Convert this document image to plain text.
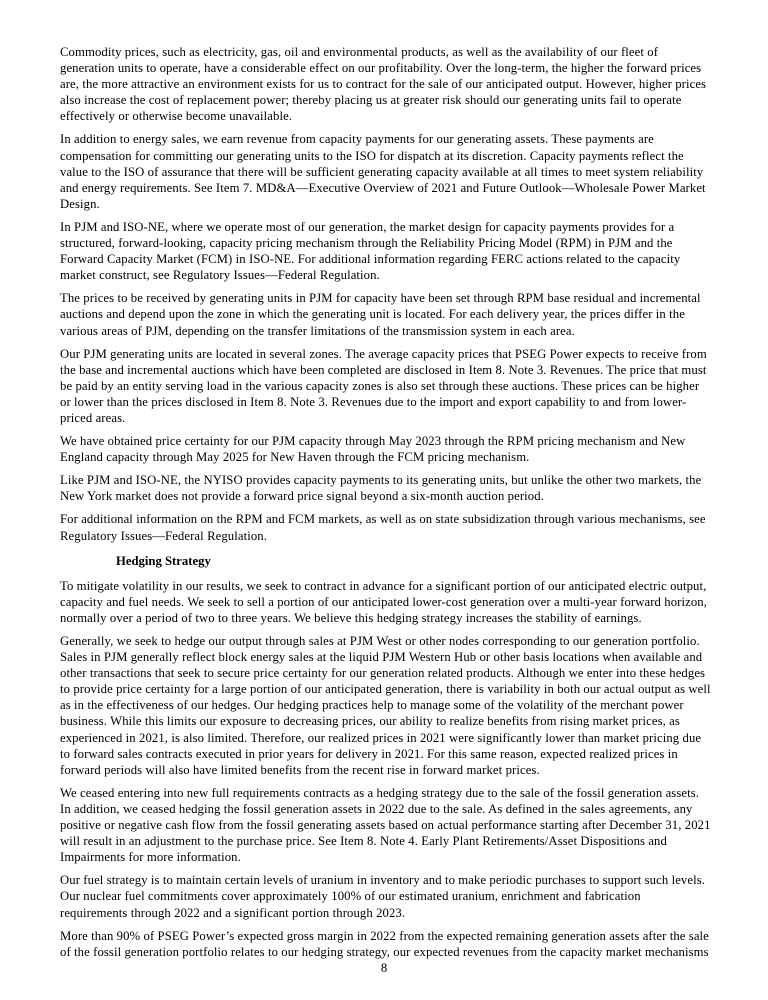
Commodity prices, such as electricity, gas, oil and environmental products, as well as the availability of our fleet of generation units to operate, have a considerable effect on our profitability. Over the long-term, the higher the forward prices are, the more attractive an environment exists for us to contract for the sale of our anticipated output. However, higher prices also increase the cost of replacement power; thereby placing us at greater risk should our generating units fail to operate effectively or otherwise become unavailable.

In addition to energy sales, we earn revenue from capacity payments for our generating assets. These payments are compensation for committing our generating units to the ISO for dispatch at its discretion. Capacity payments reflect the value to the ISO of assurance that there will be sufficient generating capacity available at all times to meet system reliability and energy requirements. See Item 7. MD&A—Executive Overview of 2021 and Future Outlook—Wholesale Power Market Design.

In PJM and ISO-NE, where we operate most of our generation, the market design for capacity payments provides for a structured, forward-looking, capacity pricing mechanism through the Reliability Pricing Model (RPM) in PJM and the Forward Capacity Market (FCM) in ISO-NE. For additional information regarding FERC actions related to the capacity market construct, see Regulatory Issues—Federal Regulation.

The prices to be received by generating units in PJM for capacity have been set through RPM base residual and incremental auctions and depend upon the zone in which the generating unit is located. For each delivery year, the prices differ in the various areas of PJM, depending on the transfer limitations of the transmission system in each area.

Our PJM generating units are located in several zones. The average capacity prices that PSEG Power expects to receive from the base and incremental auctions which have been completed are disclosed in Item 8. Note 3. Revenues. The price that must be paid by an entity serving load in the various capacity zones is also set through these auctions. These prices can be higher or lower than the prices disclosed in Item 8. Note 3. Revenues due to the import and export capability to and from lower-priced areas.

We have obtained price certainty for our PJM capacity through May 2023 through the RPM pricing mechanism and New England capacity through May 2025 for New Haven through the FCM pricing mechanism.

Like PJM and ISO-NE, the NYISO provides capacity payments to its generating units, but unlike the other two markets, the New York market does not provide a forward price signal beyond a six-month auction period.

For additional information on the RPM and FCM markets, as well as on state subsidization through various mechanisms, see Regulatory Issues—Federal Regulation.

Hedging Strategy

To mitigate volatility in our results, we seek to contract in advance for a significant portion of our anticipated electric output, capacity and fuel needs. We seek to sell a portion of our anticipated lower-cost generation over a multi-year forward horizon, normally over a period of two to three years. We believe this hedging strategy increases the stability of earnings.

Generally, we seek to hedge our output through sales at PJM West or other nodes corresponding to our generation portfolio. Sales in PJM generally reflect block energy sales at the liquid PJM Western Hub or other basis locations when available and other transactions that seek to secure price certainty for our generation related products. Although we enter into these hedges to provide price certainty for a large portion of our anticipated generation, there is variability in both our actual output as well as in the effectiveness of our hedges. Our hedging practices help to manage some of the volatility of the merchant power business. While this limits our exposure to decreasing prices, our ability to realize benefits from rising market prices, as experienced in 2021, is also limited. Therefore, our realized prices in 2021 were significantly lower than market pricing due to forward sales contracts executed in prior years for delivery in 2021. For this same reason, expected realized prices in forward periods will also have limited benefits from the recent rise in forward market prices.

We ceased entering into new full requirements contracts as a hedging strategy due to the sale of the fossil generation assets. In addition, we ceased hedging the fossil generation assets in 2022 due to the sale. As defined in the sales agreements, any positive or negative cash flow from the fossil generating assets based on actual performance starting after December 31, 2021 will result in an adjustment to the purchase price. See Item 8. Note 4. Early Plant Retirements/Asset Dispositions and Impairments for more information.

Our fuel strategy is to maintain certain levels of uranium in inventory and to make periodic purchases to support such levels. Our nuclear fuel commitments cover approximately 100% of our estimated uranium, enrichment and fabrication requirements through 2022 and a significant portion through 2023.

More than 90% of PSEG Power’s expected gross margin in 2022 from the expected remaining generation assets after the sale of the fossil generation portfolio relates to our hedging strategy, our expected revenues from the capacity market mechanisms

8
